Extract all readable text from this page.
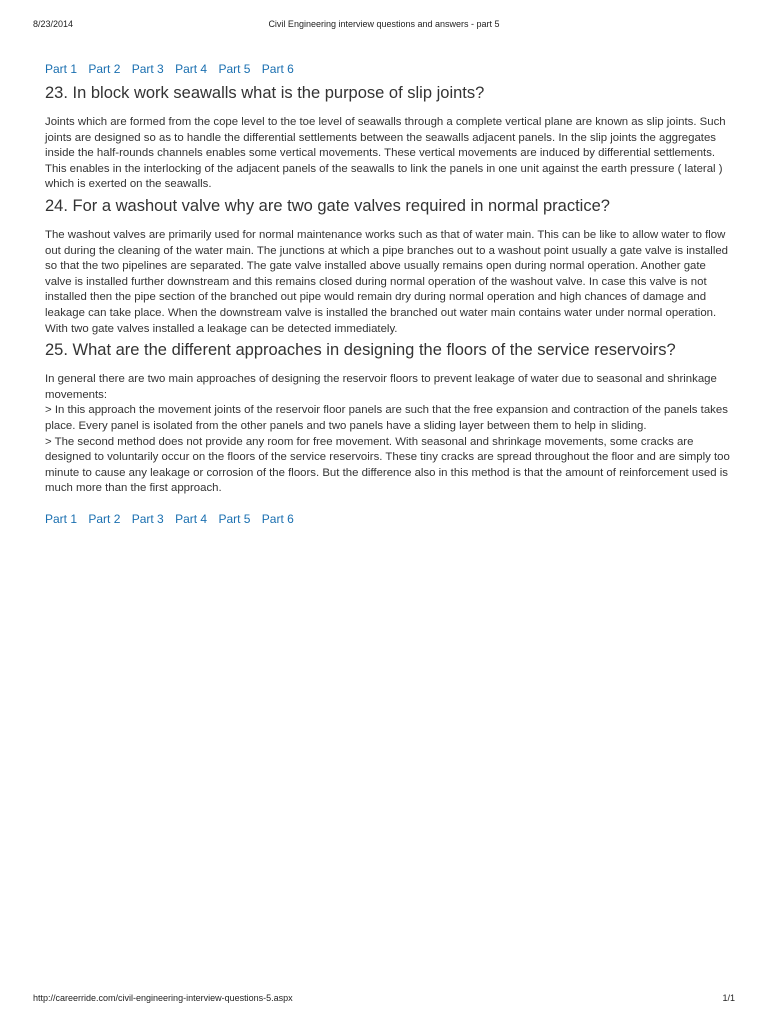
8/23/2014	Civil Engineering interview questions and answers - part 5
Part 1 Part 2 Part 3 Part 4 Part 5 Part 6
23. In block work seawalls what is the purpose of slip joints?

Joints which are formed from the cope level to the toe level of seawalls through a complete vertical plane are known as slip joints. Such joints are designed so as to handle the differential settlements between the seawalls adjacent panels. In the slip joints the aggregates inside the half-rounds channels enables some vertical movements. These vertical movements are induced by differential settlements. This enables in the interlocking of the adjacent panels of the seawalls to link the panels in one unit against the earth pressure ( lateral ) which is exerted on the seawalls.

24. For a washout valve why are two gate valves required in normal practice?

The washout valves are primarily used for normal maintenance works such as that of water main. This can be like to allow water to flow out during the cleaning of the water main. The junctions at which a pipe branches out to a washout point usually a gate valve is installed so that the two pipelines are separated. The gate valve installed above usually remains open during normal operation. Another gate valve is installed further downstream and this remains closed during normal operation of the washout valve. In case this valve is not installed then the pipe section of the branched out pipe would remain dry during normal operation and high chances of damage and leakage can take place. When the downstream valve is installed the branched out water main contains water under normal operation. With two gate valves installed a leakage can be detected immediately.

25. What are the different approaches in designing the floors of the service reservoirs?

In general there are two main approaches of designing the reservoir floors to prevent leakage of water due to seasonal and shrinkage movements:

> In this approach the movement joints of the reservoir floor panels are such that the free expansion and contraction of the panels takes place. Every panel is isolated from the other panels and two panels have a sliding layer between them to help in sliding.

> The second method does not provide any room for free movement. With seasonal and shrinkage movements, some cracks are designed to voluntarily occur on the floors of the service reservoirs. These tiny cracks are spread throughout the floor and are simply too minute to cause any leakage or corrosion of the floors. But the difference also in this method is that the amount of reinforcement used is much more than the first approach.

Part 1 Part 2 Part 3 Part 4 Part 5 Part 6
http://careerride.com/civil-engineering-interview-questions-5.aspx	1/1
